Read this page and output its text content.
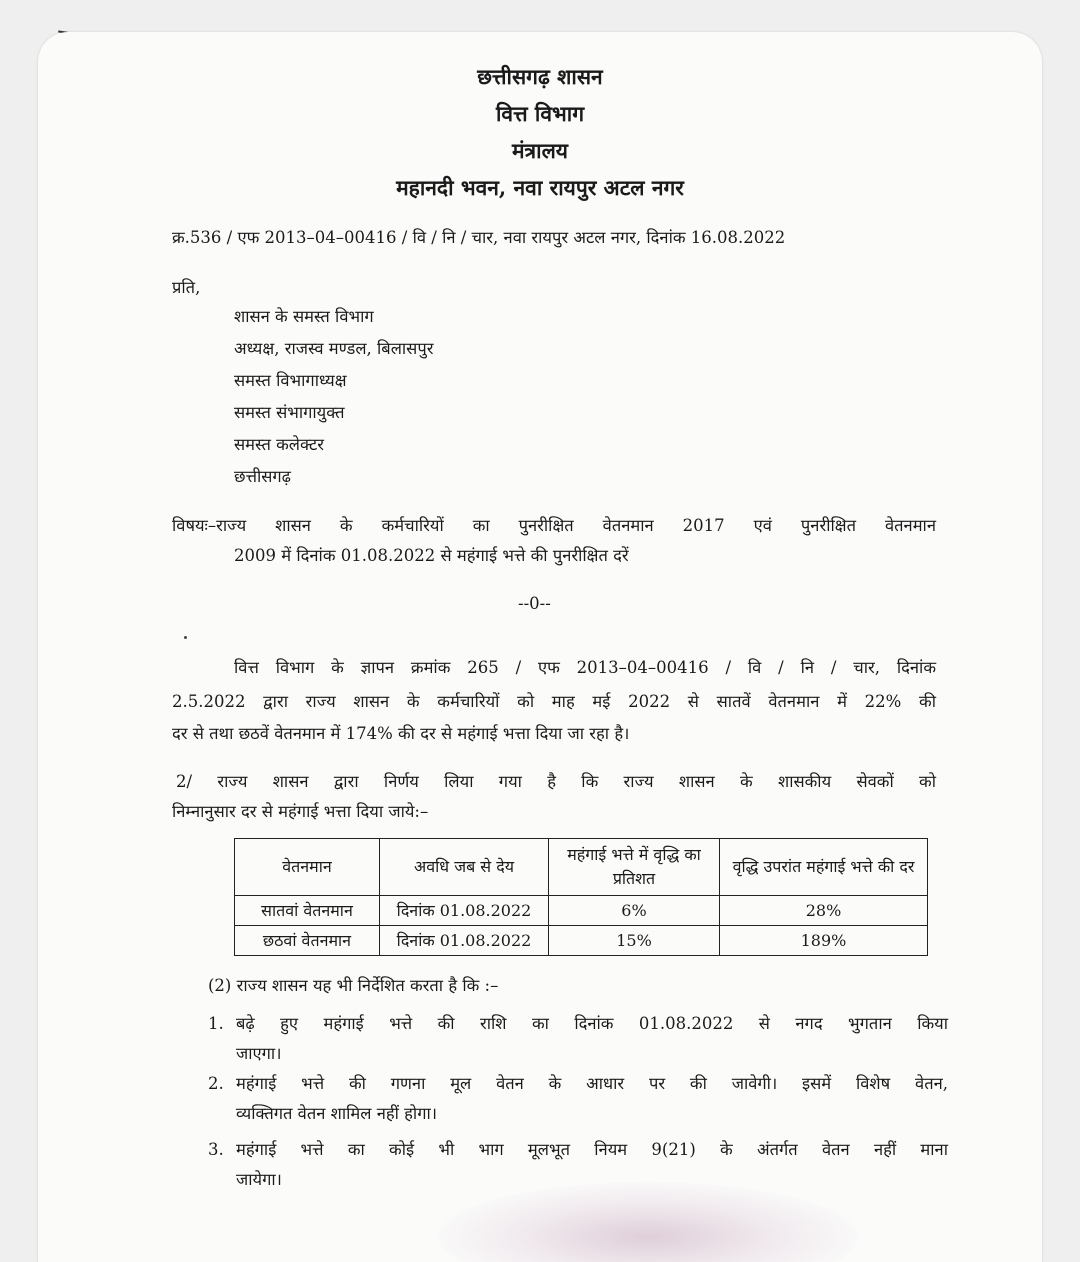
छत्तीसगढ़ शासन
वित्त विभाग
मंत्रालय
महानदी भवन, नवा रायपुर अटल नगर
क्र.536 / एफ 2013–04–00416 / वि / नि / चार, नवा रायपुर अटल नगर, दिनांक 16.08.2022
प्रति,
शासन के समस्त विभाग
अध्यक्ष, राजस्व मण्डल, बिलासपुर
समस्त विभागाध्यक्ष
समस्त संभागायुक्त
समस्त कलेक्टर
छत्तीसगढ़
विषयः–राज्य शासन के कर्मचारियों का पुनरीक्षित वेतनमान 2017 एवं पुनरीक्षित वेतनमान
2009 में दिनांक 01.08.2022 से महंगाई भत्ते की पुनरीक्षित दरें
--0--
वित्त विभाग के ज्ञापन क्रमांक 265 / एफ 2013–04–00416 / वि / नि / चार, दिनांक
2.5.2022 द्वारा राज्य शासन के कर्मचारियों को माह मई 2022 से सातवें वेतनमान में 22% की
दर से तथा छठवें वेतनमान में 174% की दर से महंगाई भत्ता दिया जा रहा है।
2/ राज्य शासन द्वारा निर्णय लिया गया है कि राज्य शासन के शासकीय सेवकों को
निम्नानुसार दर से महंगाई भत्ता दिया जाये:–
वेतनमान	अवधि जब से देय	महंगाई भत्ते में वृद्धि का प्रतिशत	वृद्धि उपरांत महंगाई भत्ते की दर
सातवां वेतनमान	दिनांक 01.08.2022	6%	28%
छठवां वेतनमान	दिनांक 01.08.2022	15%	189%
(2) राज्य शासन यह भी निर्देशित करता है कि :–
1. बढ़े हुए महंगाई भत्ते की राशि का दिनांक 01.08.2022 से नगद भुगतान किया
जाएगा।
2. महंगाई भत्ते की गणना मूल वेतन के आधार पर की जावेगी। इसमें विशेष वेतन,
व्यक्तिगत वेतन शामिल नहीं होगा।
3. महंगाई भत्ते का कोई भी भाग मूलभूत नियम 9(21) के अंतर्गत वेतन नहीं माना
जायेगा।
